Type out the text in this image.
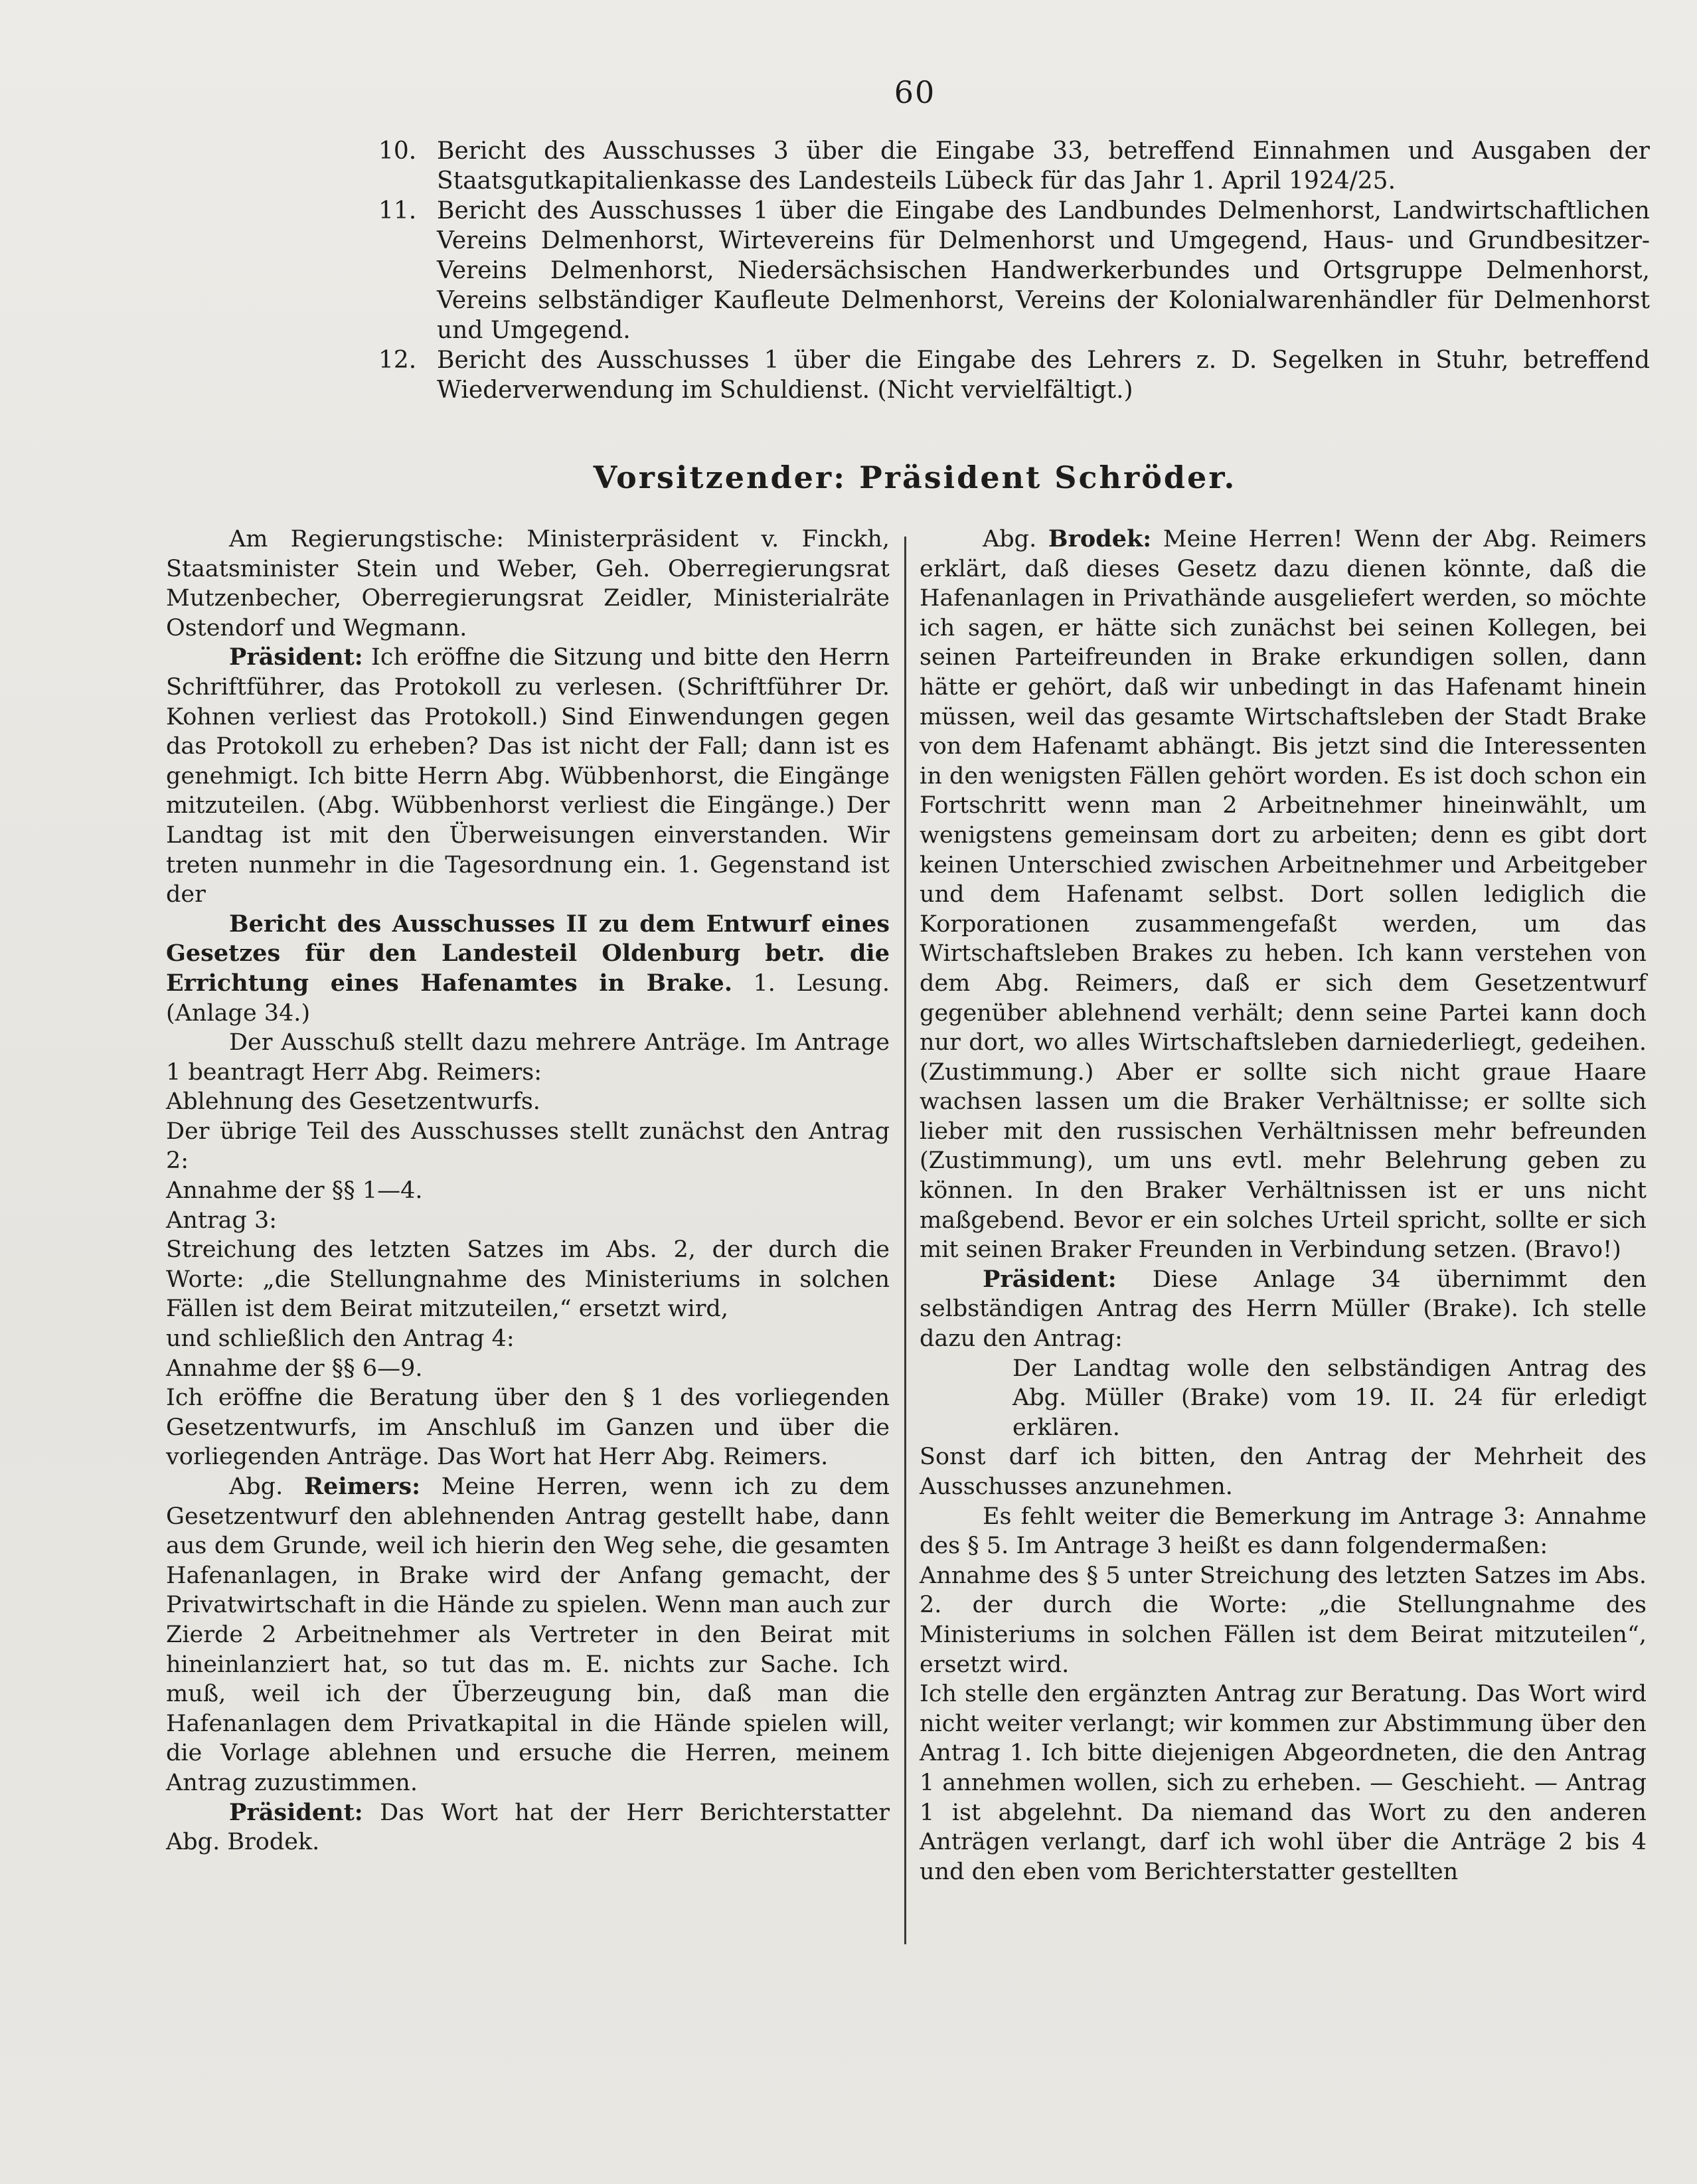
60
10. Bericht des Ausschusses 3 über die Eingabe 33, betreffend Einnahmen und Ausgaben der Staatsgutkapitalienkasse des Landesteils Lübeck für das Jahr 1. April 1924/25.
11. Bericht des Ausschusses 1 über die Eingabe des Landbundes Delmenhorst, Landwirtschaftlichen Vereins Delmenhorst, Wirtevereins für Delmenhorst und Umgegend, Haus- und Grundbesitzer-Vereins Delmenhorst, Niedersächsischen Handwerkerbundes und Ortsgruppe Delmenhorst, Vereins selbständiger Kaufleute Delmenhorst, Vereins der Kolonialwarenhändler für Delmenhorst und Umgegend.
12. Bericht des Ausschusses 1 über die Eingabe des Lehrers z. D. Segelken in Stuhr, betreffend Wiederverwendung im Schuldienst. (Nicht vervielfältigt.)
Vorsitzender: Präsident Schröder.

Am Regierungstische: Ministerpräsident v. Finckh, Staatsminister Stein und Weber, Geh. Oberregierungsrat Mutzenbecher, Oberregierungsrat Zeidler, Ministerialräte Ostendorf und Wegmann.

Präsident: Ich eröffne die Sitzung und bitte den Herrn Schriftführer, das Protokoll zu verlesen. (Schriftführer Dr. Kohnen verliest das Protokoll.) Sind Einwendungen gegen das Protokoll zu erheben? Das ist nicht der Fall; dann ist es genehmigt. Ich bitte Herrn Abg. Wübbenhorst, die Eingänge mitzuteilen. (Abg. Wübbenhorst verliest die Eingänge.) Der Landtag ist mit den Überweisungen einverstanden. Wir treten nunmehr in die Tagesordnung ein. 1. Gegenstand ist der

Bericht des Ausschusses II zu dem Entwurf eines Gesetzes für den Landesteil Oldenburg betr. die Errichtung eines Hafenamtes in Brake. 1. Lesung. (Anlage 34.)

Der Ausschuß stellt dazu mehrere Anträge. Im Antrage 1 beantragt Herr Abg. Reimers:

Ablehnung des Gesetzentwurfs.

Der übrige Teil des Ausschusses stellt zunächst den Antrag 2:

Annahme der §§ 1—4.

Antrag 3:

Streichung des letzten Satzes im Abs. 2, der durch die Worte: „die Stellungnahme des Ministeriums in solchen Fällen ist dem Beirat mitzuteilen,“ ersetzt wird,

und schließlich den Antrag 4:

Annahme der §§ 6—9.

Ich eröffne die Beratung über den § 1 des vorliegenden Gesetzentwurfs, im Anschluß im Ganzen und über die vorliegenden Anträge. Das Wort hat Herr Abg. Reimers.

Abg. Reimers: Meine Herren, wenn ich zu dem Gesetzentwurf den ablehnenden Antrag gestellt habe, dann aus dem Grunde, weil ich hierin den Weg sehe, die gesamten Hafenanlagen, in Brake wird der Anfang gemacht, der Privatwirtschaft in die Hände zu spielen. Wenn man auch zur Zierde 2 Arbeitnehmer als Vertreter in den Beirat mit hineinlanziert hat, so tut das m. E. nichts zur Sache. Ich muß, weil ich der Überzeugung bin, daß man die Hafenanlagen dem Privatkapital in die Hände spielen will, die Vorlage ablehnen und ersuche die Herren, meinem Antrag zuzustimmen.

Präsident: Das Wort hat der Herr Berichterstatter Abg. Brodek.

Abg. Brodek: Meine Herren! Wenn der Abg. Reimers erklärt, daß dieses Gesetz dazu dienen könnte, daß die Hafenanlagen in Privathände ausgeliefert werden, so möchte ich sagen, er hätte sich zunächst bei seinen Kollegen, bei seinen Parteifreunden in Brake erkundigen sollen, dann hätte er gehört, daß wir unbedingt in das Hafenamt hinein müssen, weil das gesamte Wirtschaftsleben der Stadt Brake von dem Hafenamt abhängt. Bis jetzt sind die Interessenten in den wenigsten Fällen gehört worden. Es ist doch schon ein Fortschritt wenn man 2 Arbeitnehmer hineinwählt, um wenigstens gemeinsam dort zu arbeiten; denn es gibt dort keinen Unterschied zwischen Arbeitnehmer und Arbeitgeber und dem Hafenamt selbst. Dort sollen lediglich die Korporationen zusammengefaßt werden, um das Wirtschaftsleben Brakes zu heben. Ich kann verstehen von dem Abg. Reimers, daß er sich dem Gesetzentwurf gegenüber ablehnend verhält; denn seine Partei kann doch nur dort, wo alles Wirtschaftsleben darniederliegt, gedeihen. (Zustimmung.) Aber er sollte sich nicht graue Haare wachsen lassen um die Braker Verhältnisse; er sollte sich lieber mit den russischen Verhältnissen mehr befreunden (Zustimmung), um uns evtl. mehr Belehrung geben zu können. In den Braker Verhältnissen ist er uns nicht maßgebend. Bevor er ein solches Urteil spricht, sollte er sich mit seinen Braker Freunden in Verbindung setzen. (Bravo!)

Präsident: Diese Anlage 34 übernimmt den selbständigen Antrag des Herrn Müller (Brake). Ich stelle dazu den Antrag:

Der Landtag wolle den selbständigen Antrag des Abg. Müller (Brake) vom 19. II. 24 für erledigt erklären.

Sonst darf ich bitten, den Antrag der Mehrheit des Ausschusses anzunehmen.

Es fehlt weiter die Bemerkung im Antrage 3: Annahme des § 5. Im Antrage 3 heißt es dann folgendermaßen:

Annahme des § 5 unter Streichung des letzten Satzes im Abs. 2. der durch die Worte: „die Stellungnahme des Ministeriums in solchen Fällen ist dem Beirat mitzuteilen“, ersetzt wird.

Ich stelle den ergänzten Antrag zur Beratung. Das Wort wird nicht weiter verlangt; wir kommen zur Abstimmung über den Antrag 1. Ich bitte diejenigen Abgeordneten, die den Antrag 1 annehmen wollen, sich zu erheben. — Geschieht. — Antrag 1 ist abgelehnt. Da niemand das Wort zu den anderen Anträgen verlangt, darf ich wohl über die Anträge 2 bis 4 und den eben vom Berichterstatter gestellten
